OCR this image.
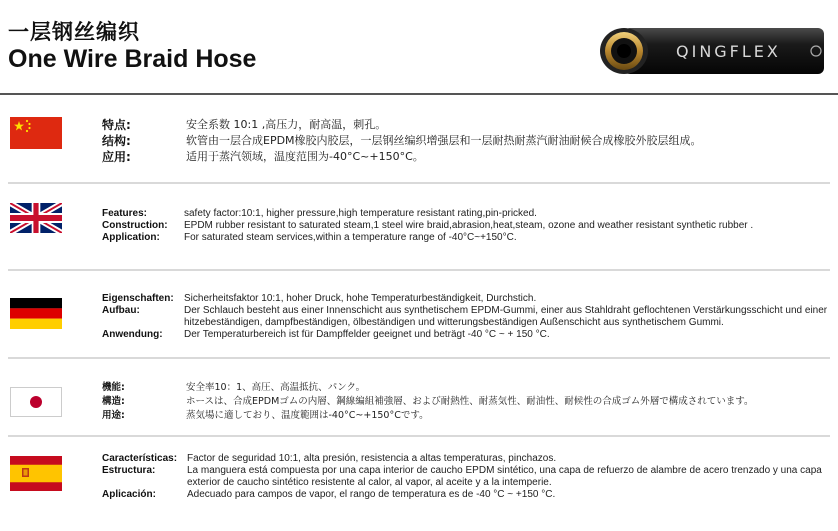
一层钢丝编织
One Wire Braid Hose	QINGFLEX
特点:	安全系数 10:1 ,高压力，耐高温，刺孔。
结构:	软管由一层合成EPDM橡胶内胶层，一层钢丝编织增强层和一层耐热耐蒸汽耐油耐候合成橡胶外胶层组成。
应用:	适用于蒸汽领域，温度范围为-40°C~+150°C。
Features:	safety factor:10:1, higher pressure,high temperature resistant rating,pin-pricked.
Construction:	EPDM rubber resistant to saturated steam,1 steel wire braid,abrasion,heat,steam, ozone and weather resistant synthetic rubber .
Application:	For saturated steam services,within a temperature range of -40°C~+150°C.
Eigenschaften:	Sicherheitsfaktor 10:1, hoher Druck, hohe Temperaturbeständigkeit, Durchstich.
Aufbau:	Der Schlauch besteht aus einer Innenschicht aus synthetischem EPDM-Gummi, einer aus Stahldraht geflochtenen Verstärkungsschicht und einer hitzebeständigen, dampfbeständigen, ölbeständigen und witterungsbeständigen Außenschicht aus synthetischem Gummi.
Anwendung:	Der Temperaturbereich ist für Dampffelder geeignet und beträgt -40 °C ~ + 150 °C.
機能:	安全率10：1、高圧、高温抵抗、パンク。
構造:	ホースは、合成EPDMゴムの内層、鋼線編組補強層、および耐熱性、耐蒸気性、耐油性、耐候性の合成ゴム外層で構成されています。
用途:	蒸気場に適しており、温度範囲は-40°C~+150°Cです。
Características: Factor de seguridad 10:1, alta presión, resistencia a altas temperaturas, pinchazos.
Estructura:	La manguera está compuesta por una capa interior de caucho EPDM sintético, una capa de refuerzo de alambre de acero trenzado y una capa exterior de caucho sintético resistente al calor, al vapor, al aceite y a la intemperie.
Aplicación:	Adecuado para campos de vapor, el rango de temperatura es de -40 °C ~ +150 °C.
